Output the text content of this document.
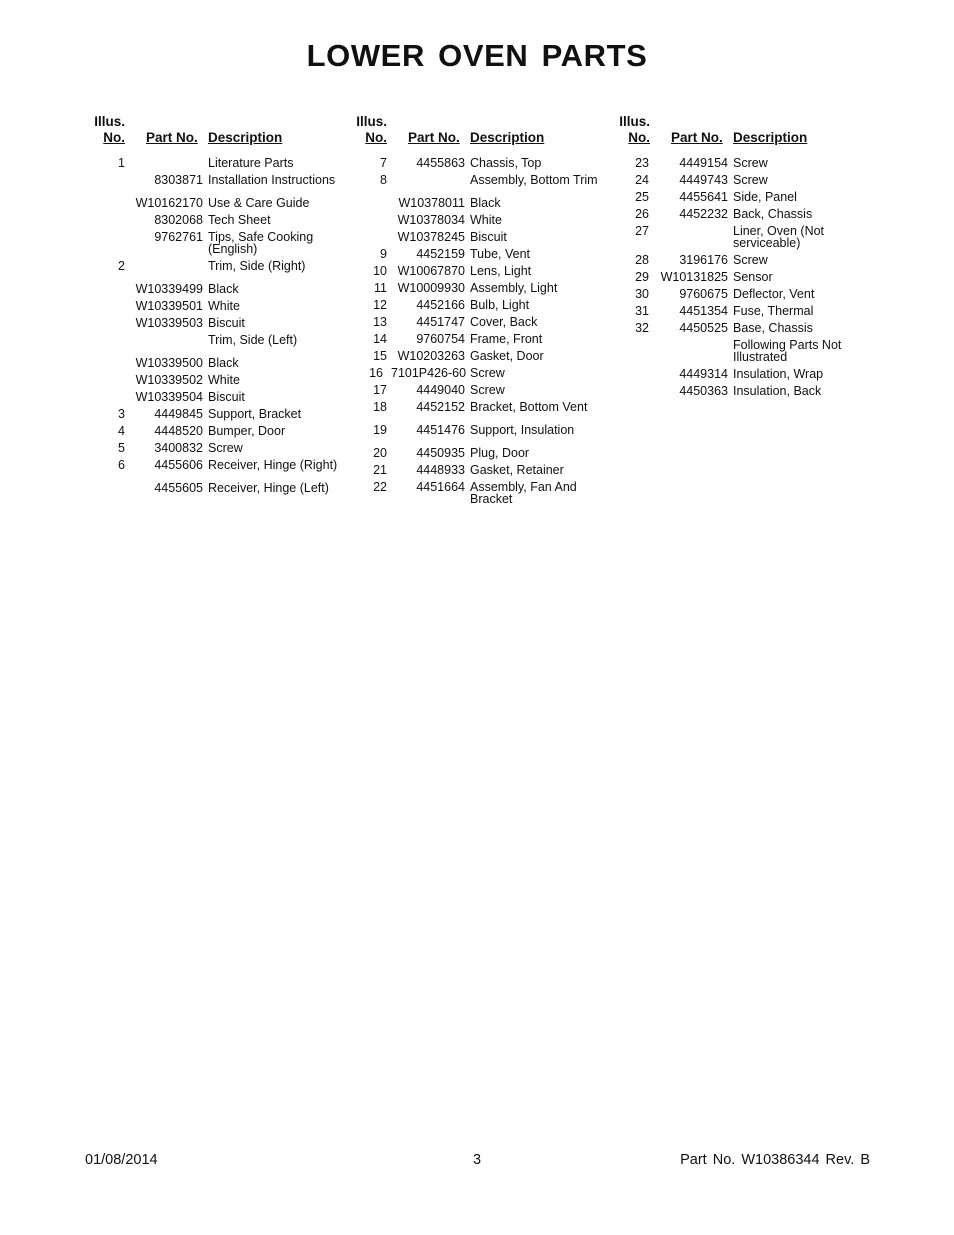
LOWER OVEN PARTS
Illus.
No. Part No. Description
1	Literature Parts
8303871 Installation Instructions
W10162170 Use & Care Guide
8302068 Tech Sheet
9762761 Tips, Safe Cooking (English)
2	Trim, Side (Right)
W10339499 Black
W10339501 White
W10339503 Biscuit
Trim, Side (Left)
W10339500 Black
W10339502 White
W10339504 Biscuit
3	4449845 Support, Bracket
4	4448520 Bumper, Door
5	3400832 Screw
6	4455606 Receiver, Hinge (Right)
4455605 Receiver, Hinge (Left)
Illus.
No. Part No. Description
7	4455863 Chassis, Top
8	Assembly, Bottom Trim
W10378011 Black
W10378034 White
W10378245 Biscuit
9	4452159 Tube, Vent
10 W10067870 Lens, Light
11 W10009930 Assembly, Light
12	4452166 Bulb, Light
13	4451747 Cover, Back
14	9760754 Frame, Front
15 W10203263 Gasket, Door
16 7101P426-60 Screw
17	4449040 Screw
18	4452152 Bracket, Bottom Vent
19	4451476 Support, Insulation
20	4450935 Plug, Door
21	4448933 Gasket, Retainer
22	4451664 Assembly, Fan And Bracket
Illus.
No. Part No. Description
23	4449154 Screw
24	4449743 Screw
25	4455641 Side, Panel
26	4452232 Back, Chassis
27	Liner, Oven (Not serviceable)
28	3196176 Screw
29 W10131825 Sensor
30	9760675 Deflector, Vent
31	4451354 Fuse, Thermal
32	4450525 Base, Chassis
Following Parts Not Illustrated
4449314 Insulation, Wrap
4450363 Insulation, Back
01/08/2014	3	Part No. W10386344 Rev. B
